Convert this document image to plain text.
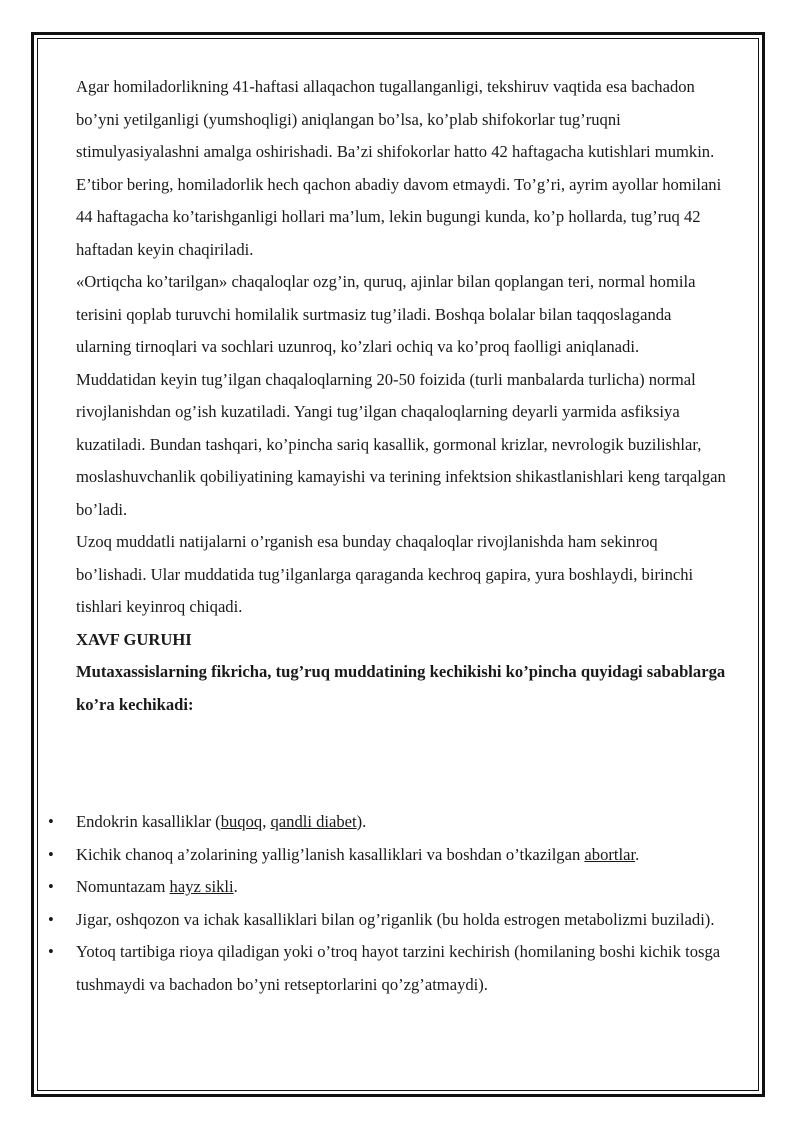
Agar homiladorlikning 41-haftasi allaqachon tugallanganligi, tekshiruv vaqtida esa bachadon bo’yni yetilganligi (yumshoqligi) aniqlangan bo’lsa, ko’plab shifokorlar tug’ruqni stimulyasiyalashni amalga oshirishadi. Ba’zi shifokorlar hatto 42 haftagacha kutishlari mumkin. E’tibor bering, homiladorlik hech qachon abadiy davom etmaydi. To’g’ri, ayrim ayollar homilani 44 haftagacha ko’tarishganligi hollari ma’lum, lekin bugungi kunda, ko’p hollarda, tug’ruq 42 haftadan keyin chaqiriladi.

«Ortiqcha ko’tarilgan» chaqaloqlar ozg’in, quruq, ajinlar bilan qoplangan teri, normal homila terisini qoplab turuvchi homilalik surtmasiz tug’iladi. Boshqa bolalar bilan taqqoslaganda ularning tirnoqlari va sochlari uzunroq, ko’zlari ochiq va ko’proq faolligi aniqlanadi.

Muddatidan keyin tug’ilgan chaqaloqlarning 20-50 foizida (turli manbalarda turlicha) normal rivojlanishdan og’ish kuzatiladi. Yangi tug’ilgan chaqaloqlarning deyarli yarmida asfiksiya kuzatiladi. Bundan tashqari, ko’pincha sariq kasallik, gormonal krizlar, nevrologik buzilishlar, moslashuvchanlik qobiliyatining kamayishi va terining infektsion shikastlanishlari keng tarqalgan bo’ladi.

Uzoq muddatli natijalarni o’rganish esa bunday chaqaloqlar rivojlanishda ham sekinroq bo’lishadi. Ular muddatida tug’ilganlarga qaraganda kechroq gapira, yura boshlaydi, birinchi tishlari keyinroq chiqadi.

XAVF GURUHI

Mutaxassislarning fikricha, tug’ruq muddatining kechikishi ko’pincha quyidagi sabablarga ko’ra kechikadi:

• Endokrin kasalliklar (buqoq, qandli diabet).
• Kichik chanoq a’zolarining yallig’lanish kasalliklari va boshdan o’tkazilgan abortlar.
• Nomuntazam hayz sikli.
• Jigar, oshqozon va ichak kasalliklari bilan og’riganlik (bu holda estrogen metabolizmi buziladi).
• Yotoq tartibiga rioya qiladigan yoki o’troq hayot tarzini kechirish (homilaning boshi kichik tosga tushmaydi va bachadon bo’yni retseptorlarini qo’zg’atmaydi).
